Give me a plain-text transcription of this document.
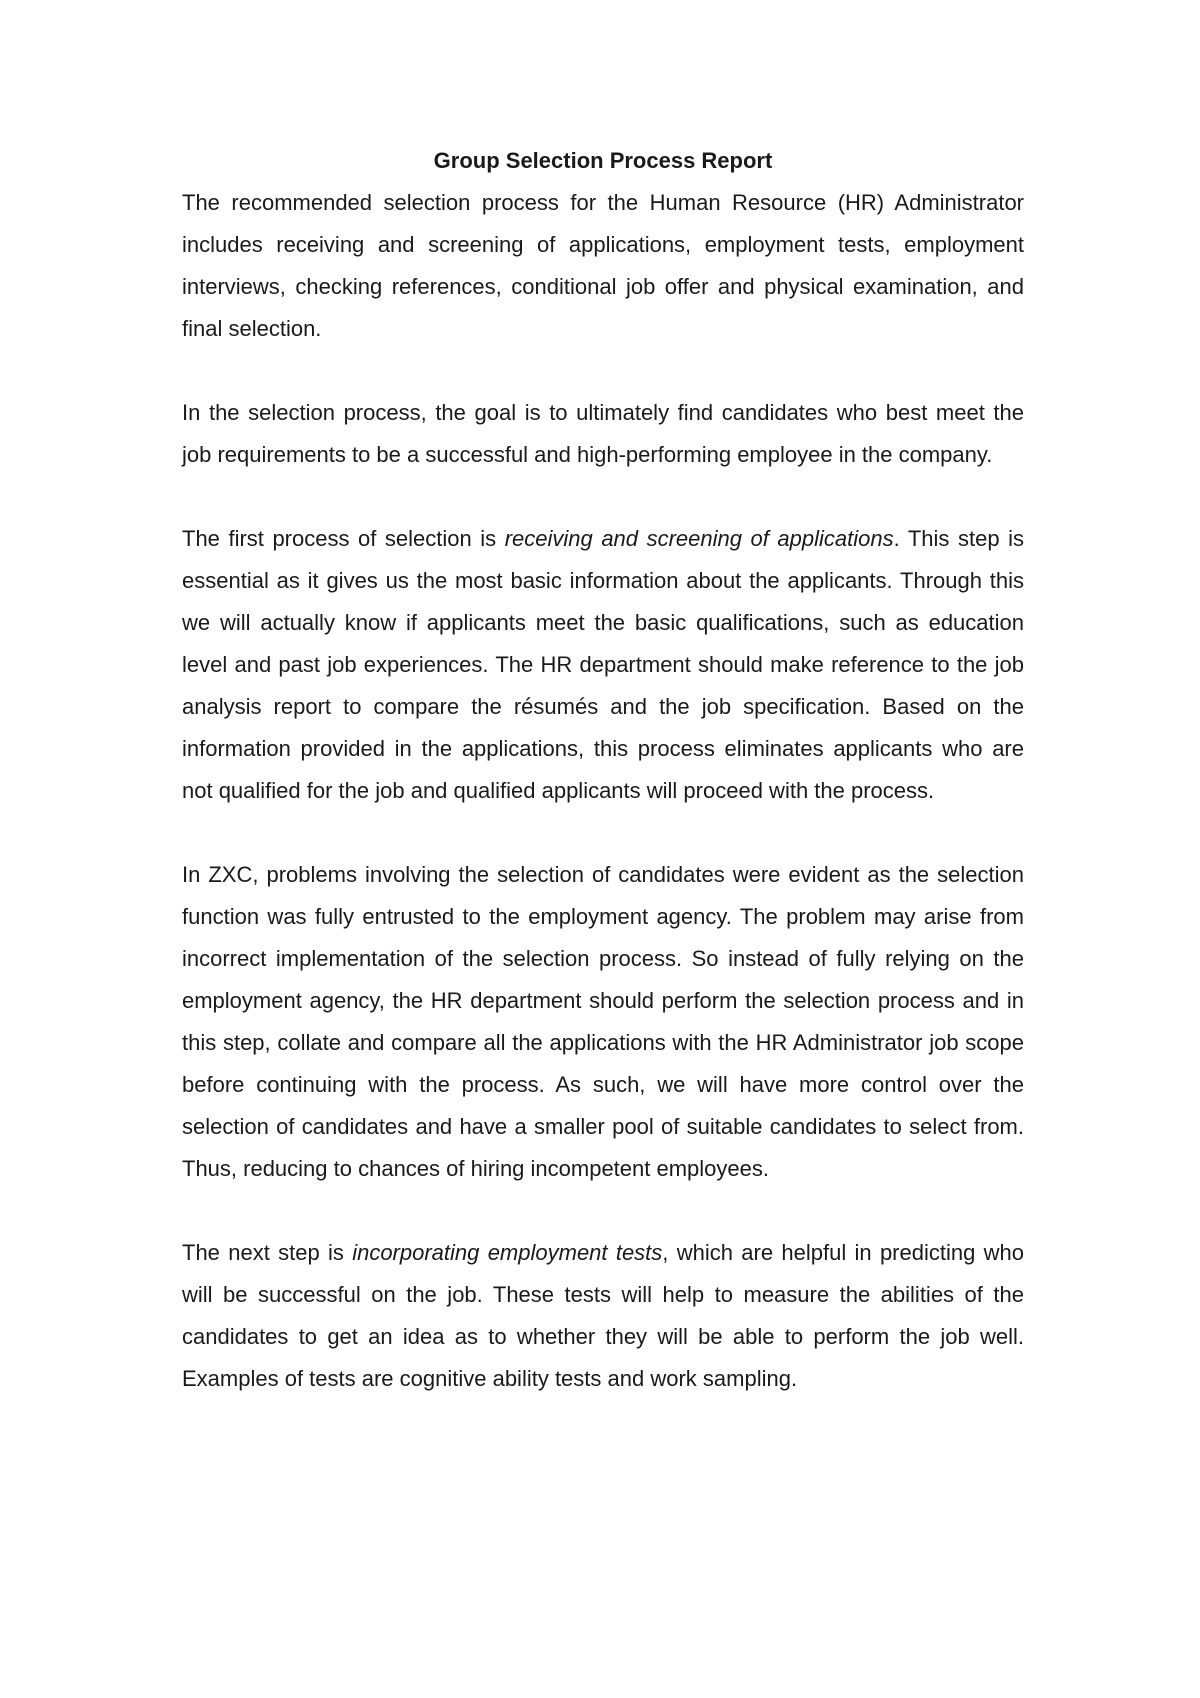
Group Selection Process Report

The recommended selection process for the Human Resource (HR) Administrator includes receiving and screening of applications, employment tests, employment interviews, checking references, conditional job offer and physical examination, and final selection.

In the selection process, the goal is to ultimately find candidates who best meet the job requirements to be a successful and high-performing employee in the company.

The first process of selection is receiving and screening of applications. This step is essential as it gives us the most basic information about the applicants. Through this we will actually know if applicants meet the basic qualifications, such as education level and past job experiences. The HR department should make reference to the job analysis report to compare the résumés and the job specification. Based on the information provided in the applications, this process eliminates applicants who are not qualified for the job and qualified applicants will proceed with the process.

In ZXC, problems involving the selection of candidates were evident as the selection function was fully entrusted to the employment agency. The problem may arise from incorrect implementation of the selection process. So instead of fully relying on the employment agency, the HR department should perform the selection process and in this step, collate and compare all the applications with the HR Administrator job scope before continuing with the process. As such, we will have more control over the selection of candidates and have a smaller pool of suitable candidates to select from. Thus, reducing to chances of hiring incompetent employees.

The next step is incorporating employment tests, which are helpful in predicting who will be successful on the job. These tests will help to measure the abilities of the candidates to get an idea as to whether they will be able to perform the job well. Examples of tests are cognitive ability tests and work sampling.
